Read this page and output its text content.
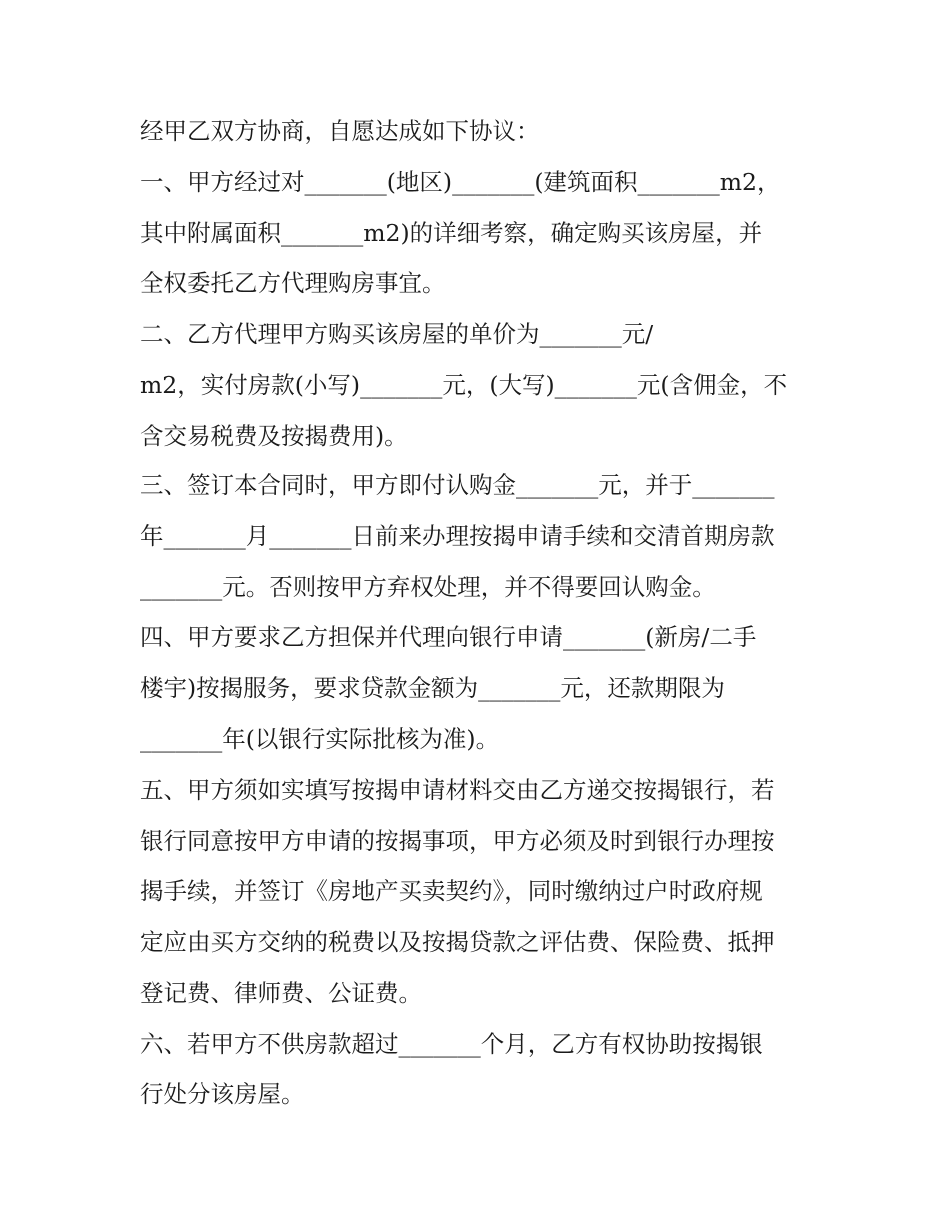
经甲乙双方协商，自愿达成如下协议：

一、甲方经过对_______(地区)_______(建筑面积_______m2，

其中附属面积_______m2)的详细考察，确定购买该房屋，并

全权委托乙方代理购房事宜。

二、乙方代理甲方购买该房屋的单价为_______元/

m2，实付房款(小写)_______元，(大写)_______元(含佣金，不

含交易税费及按揭费用)。

三、签订本合同时，甲方即付认购金_______元，并于_______

年_______月_______日前来办理按揭申请手续和交清首期房款

_______元。否则按甲方弃权处理，并不得要回认购金。

四、甲方要求乙方担保并代理向银行申请_______(新房/二手

楼宇)按揭服务，要求贷款金额为_______元，还款期限为

_______年(以银行实际批核为准)。

五、甲方须如实填写按揭申请材料交由乙方递交按揭银行，若

银行同意按甲方申请的按揭事项，甲方必须及时到银行办理按

揭手续，并签订《房地产买卖契约》，同时缴纳过户时政府规

定应由买方交纳的税费以及按揭贷款之评估费、保险费、抵押

登记费、律师费、公证费。

六、若甲方不供房款超过_______个月，乙方有权协助按揭银

行处分该房屋。
